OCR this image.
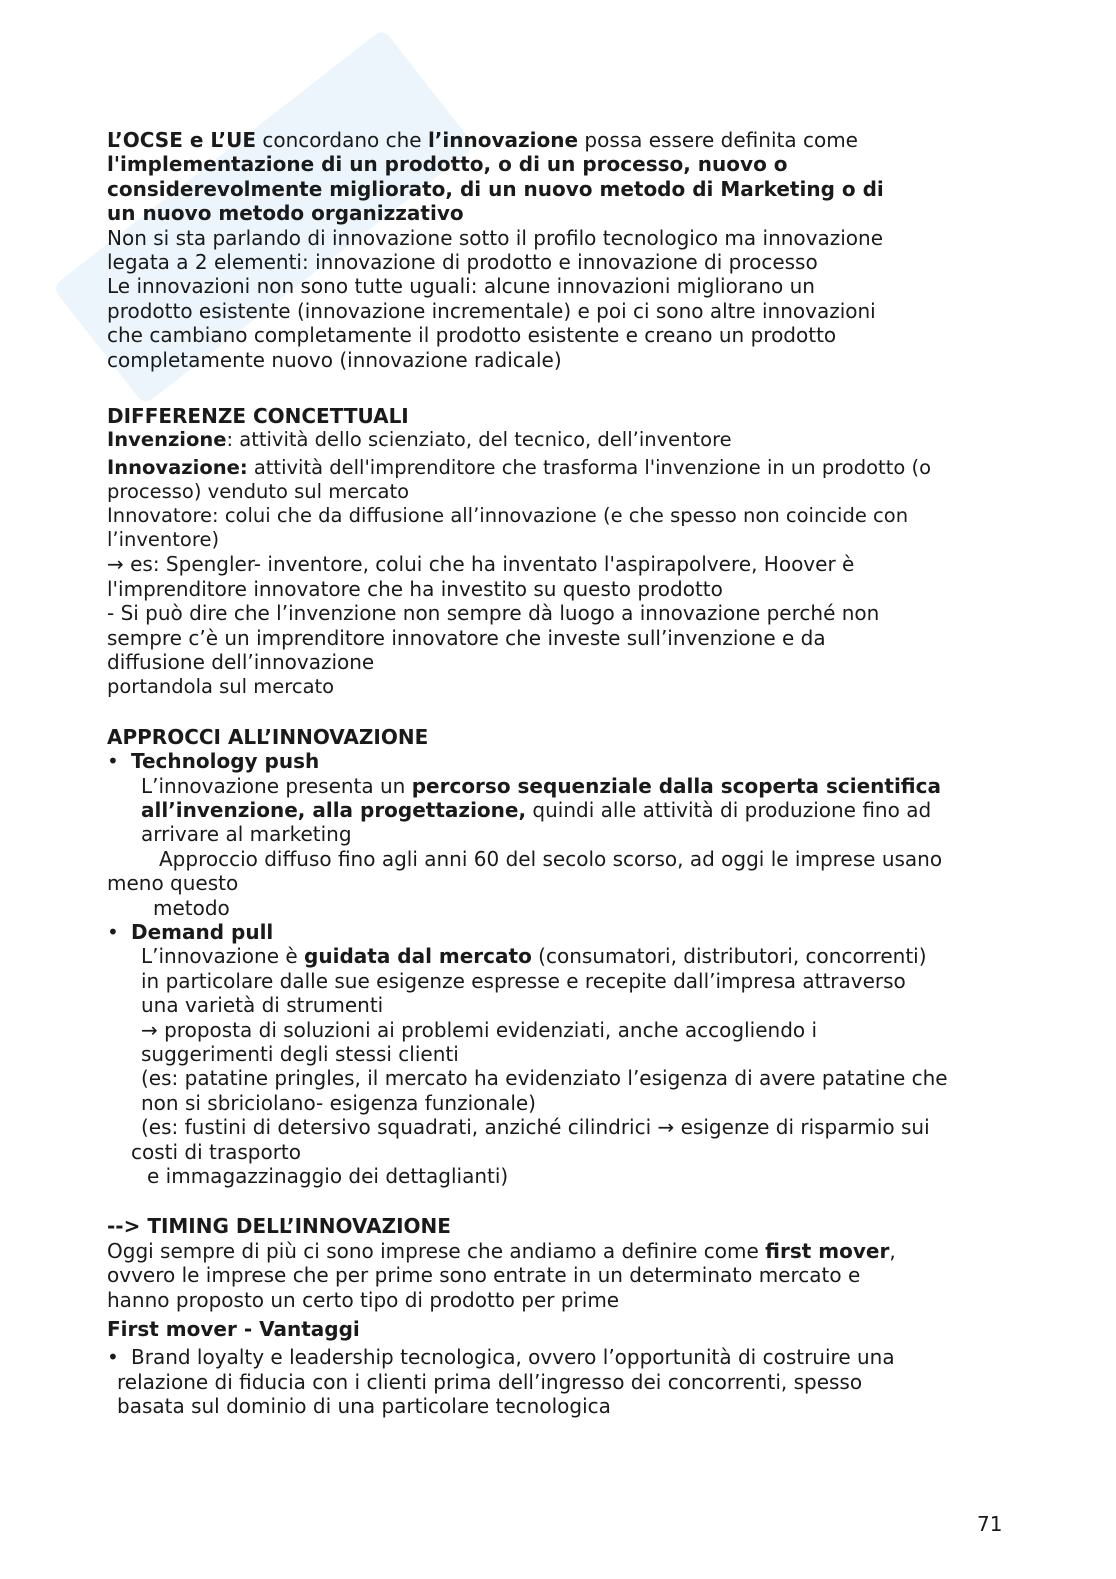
L’OCSE e L’UE concordano che l’innovazione possa essere definita come

l'implementazione di un prodotto, o di un processo, nuovo o

considerevolmente migliorato, di un nuovo metodo di Marketing o di

un nuovo metodo organizzativo

Non si sta parlando di innovazione sotto il profilo tecnologico ma innovazione

legata a 2 elementi: innovazione di prodotto e innovazione di processo

Le innovazioni non sono tutte uguali: alcune innovazioni migliorano un

prodotto esistente (innovazione incrementale) e poi ci sono altre innovazioni

che cambiano completamente il prodotto esistente e creano un prodotto

completamente nuovo (innovazione radicale)

DIFFERENZE CONCETTUALI

Invenzione: attività dello scienziato, del tecnico, dell’inventore

Innovazione: attività dell'imprenditore che trasforma l'invenzione in un prodotto (o

processo) venduto sul mercato

Innovatore: colui che da diffusione all’innovazione (e che spesso non coincide con

l’inventore)

→ es: Spengler- inventore, colui che ha inventato l'aspirapolvere, Hoover è

l'imprenditore innovatore che ha investito su questo prodotto

- Si può dire che l’invenzione non sempre dà luogo a innovazione perché non

sempre c’è un imprenditore innovatore che investe sull’invenzione e da

diffusione dell’innovazione

portandola sul mercato

APPROCCI ALL’INNOVAZIONE

• Technology push

L’innovazione presenta un percorso sequenziale dalla scoperta scientifica

all’invenzione, alla progettazione, quindi alle attività di produzione fino ad

arrivare al marketing

Approccio diffuso fino agli anni 60 del secolo scorso, ad oggi le imprese usano

meno questo

metodo

• Demand pull

L’innovazione è guidata dal mercato (consumatori, distributori, concorrenti)

in particolare dalle sue esigenze espresse e recepite dall’impresa attraverso

una varietà di strumenti

→ proposta di soluzioni ai problemi evidenziati, anche accogliendo i

suggerimenti degli stessi clienti

(es: patatine pringles, il mercato ha evidenziato l’esigenza di avere patatine che

non si sbriciolano- esigenza funzionale)

(es: fustini di detersivo squadrati, anziché cilindrici → esigenze di risparmio sui

costi di trasporto

e immagazzinaggio dei dettaglianti)

--> TIMING DELL’INNOVAZIONE

Oggi sempre di più ci sono imprese che andiamo a definire come first mover,

ovvero le imprese che per prime sono entrate in un determinato mercato e

hanno proposto un certo tipo di prodotto per prime

First mover - Vantaggi

• Brand loyalty e leadership tecnologica, ovvero l’opportunità di costruire una

relazione di fiducia con i clienti prima dell’ingresso dei concorrenti, spesso

basata sul dominio di una particolare tecnologica

71
